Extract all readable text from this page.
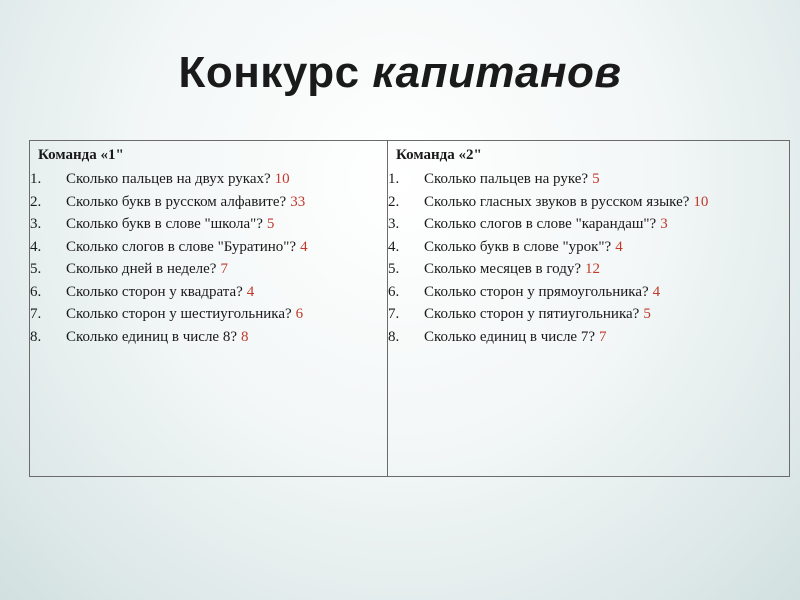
Конкурс капитанов
Команда «1"
1. Сколько пальцев на двух руках? 10
2. Сколько букв в русском алфавите? 33
3. Сколько букв в слове "школа"? 5
4. Сколько слогов в слове "Буратино"? 4
5. Сколько дней в неделе? 7
6. Сколько сторон у квадрата? 4
7. Сколько сторон у шестиугольника? 6
8. Сколько единиц в числе 8? 8
Команда «2"
1. Сколько пальцев на руке? 5
2. Сколько гласных звуков в русском языке? 10
3. Сколько слогов в слове "карандаш"? 3
4. Сколько букв в слове "урок"? 4
5. Сколько месяцев в году? 12
6. Сколько сторон у прямоугольника? 4
7. Сколько сторон у пятиугольника? 5
8. Сколько единиц в числе 7? 7
